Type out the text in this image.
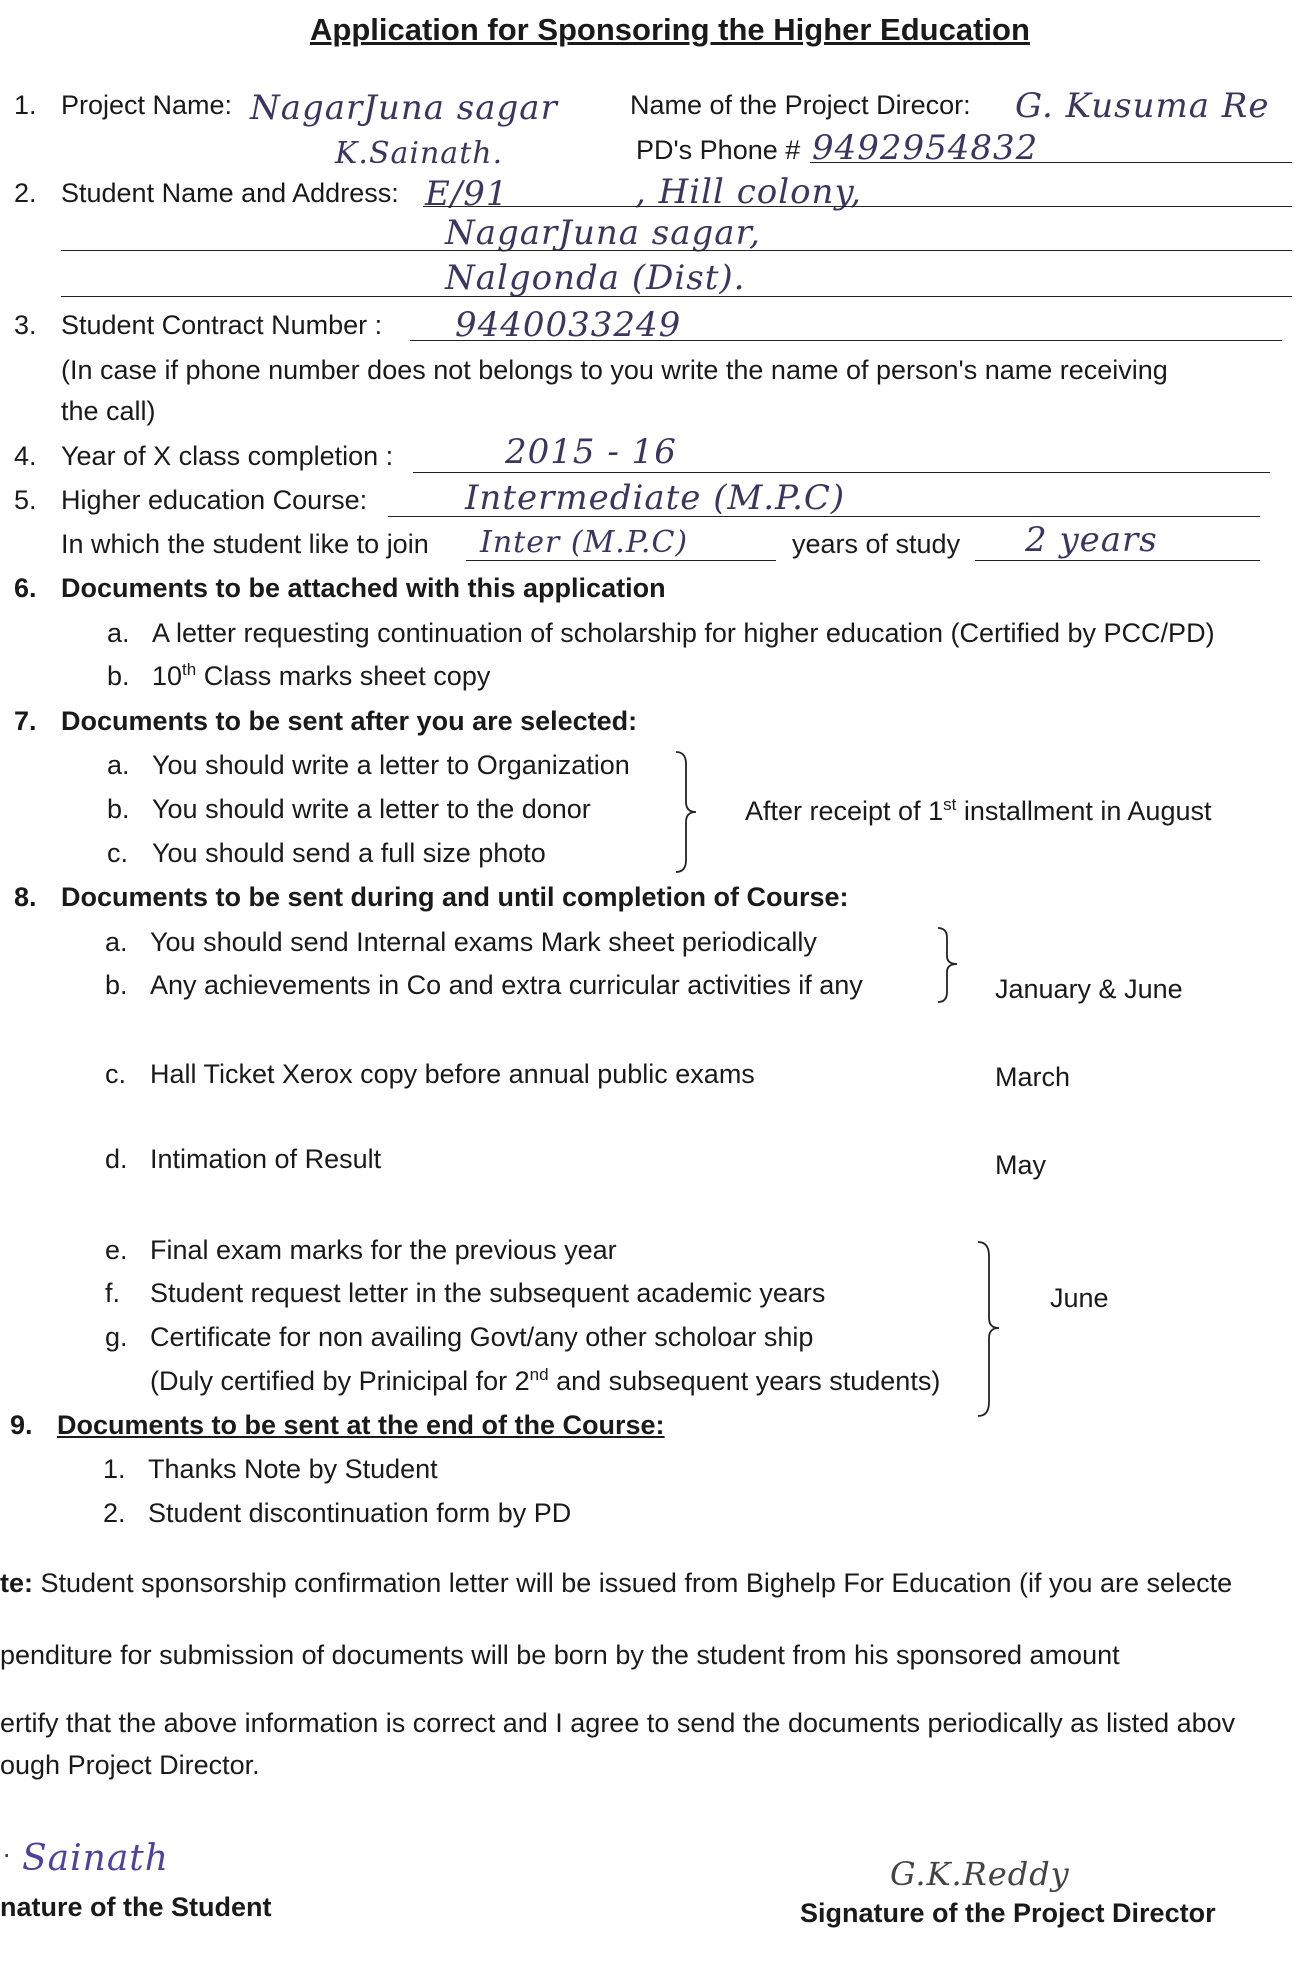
Application for Sponsoring the Higher Education
1. Project Name: NagarJuna sagar	Name of the Project Direcor: G. Kusuma Re
PD's Phone # 9492954832
K.Sainath.
2. Student Name and Address: E/91	, Hill colony,
NagarJuna sagar,
Nalgonda (Dist).
3. Student Contract Number : 9440033249
(In case if phone number does not belongs to you write the name of person's name receiving
the call)
4. Year of X class completion :	2015 - 16
5. Higher education Course:	Intermediate (M.P.C)
In which the student like to join Inter (M.P.C)	years of study 2 years
6. Documents to be attached with this application
a. A letter requesting continuation of scholarship for higher education (Certified by PCC/PD)
b. 10th Class marks sheet copy
7. Documents to be sent after you are selected:
a. You should write a letter to Organization
b. You should write a letter to the donor
c. You should send a full size photo
After receipt of 1st installment in August
8. Documents to be sent during and until completion of Course:
a. You should send Internal exams Mark sheet periodically
b. Any achievements in Co and extra curricular activities if any	January & June
c. Hall Ticket Xerox copy before annual public exams	March
d. Intimation of Result	May
e. Final exam marks for the previous year
f. Student request letter in the subsequent academic years
g. Certificate for non availing Govt/any other scholoar ship
(Duly certified by Prinicipal for 2nd and subsequent years students)
June
9. Documents to be sent at the end of the Course:
1. Thanks Note by Student
2. Student discontinuation form by PD
te: Student sponsorship confirmation letter will be issued from Bighelp For Education (if you are selecte
penditure for submission of documents will be born by the student from his sponsored amount
ertify that the above information is correct and I agree to send the documents periodically as listed abov
ough Project Director.
· Sainath
nature of the Student
G.K.Reddy
Signature of the Project Director
